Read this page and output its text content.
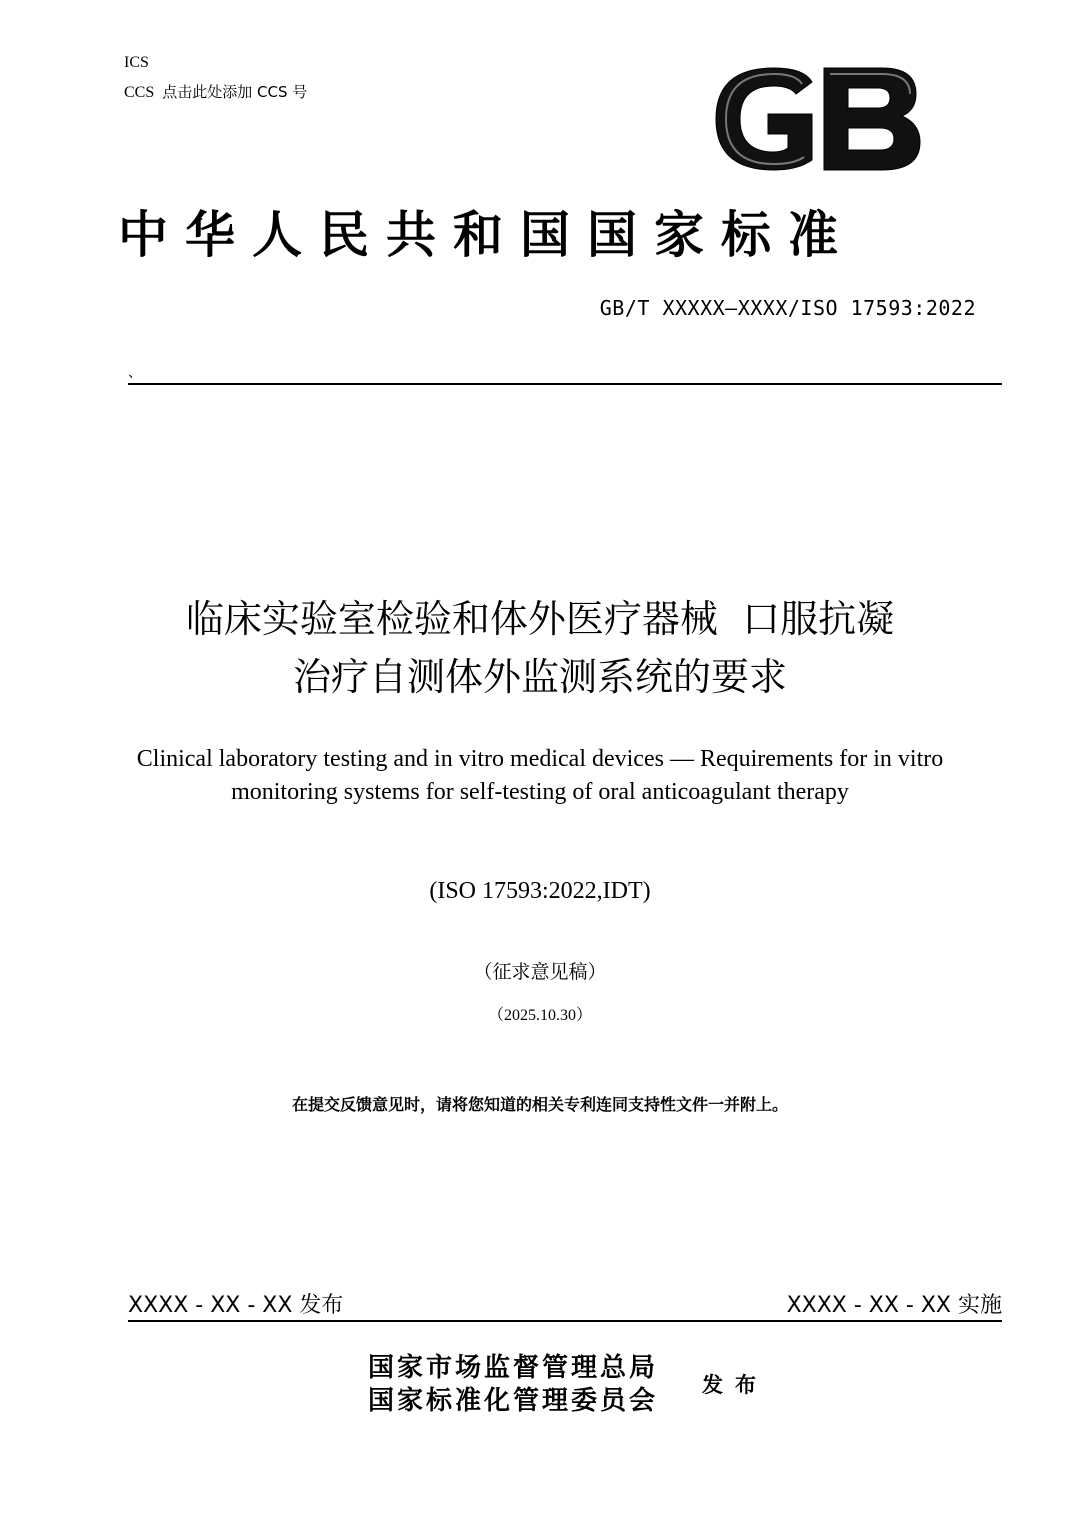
ICS
CCS 点击此处添加 CCS 号
中华人民共和国国家标准
GB/T XXXXX—XXXX/ISO 17593:2022
、
临床实验室检验和体外医疗器械  口服抗凝
治疗自测体外监测系统的要求
Clinical laboratory testing and in vitro medical devices — Requirements for in vitro
monitoring systems for self-testing of oral anticoagulant therapy
(ISO 17593:2022,IDT)
（征求意见稿）
（2025.10.30）
在提交反馈意见时，请将您知道的相关专利连同支持性文件一并附上。
XXXX - XX - XX 发布	XXXX - XX - XX 实施
国家市场监督管理总局
国家标准化管理委员会
发布
